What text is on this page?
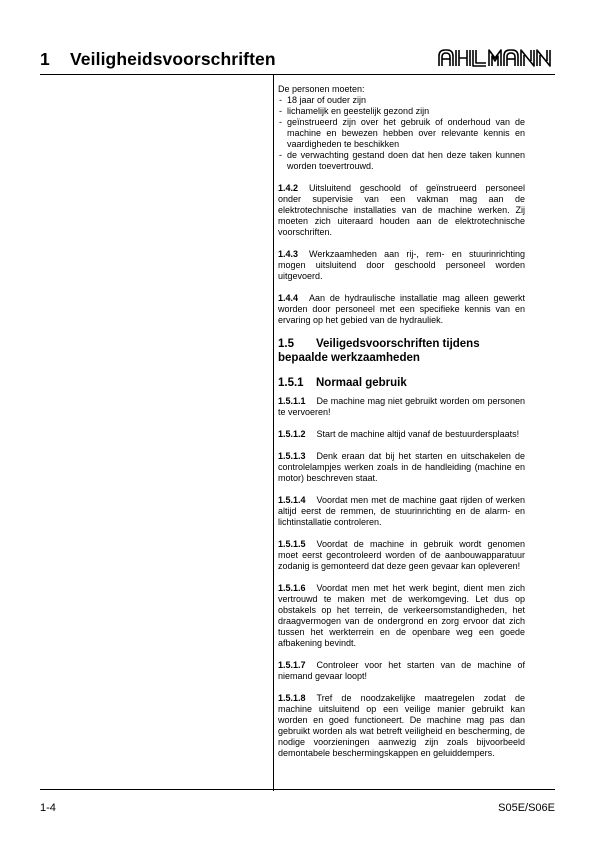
1 Veiligheidsvoorschriften

De personen moeten:

- 18 jaar of ouder zijn
- lichamelijk en geestelijk gezond zijn
- geïnstrueerd zijn over het gebruik of onderhoud van de machine en bewezen hebben over relevante kennis en vaardigheden te beschikken
- de verwachting gestand doen dat hen deze taken kunnen worden toevertrouwd.

1.4.2 Uitsluitend geschoold of geïnstrueerd personeel onder supervisie van een vakman mag aan de elektrotechnische installaties van de machine werken. Zij moeten zich uiteraard houden aan de elektrotechnische voorschriften.

1.4.3 Werkzaamheden aan rij-, rem- en stuurinrichting mogen uitsluitend door geschoold personeel worden uitgevoerd.

1.4.4 Aan de hydraulische installatie mag alleen gewerkt worden door personeel met een specifieke kennis van en ervaring op het gebied van de hydrauliek.

1.5 Veiligedsvoorschriften tijdens bepaalde werkzaamheden
1.5.1 Normaal gebruik

1.5.1.1 De machine mag niet gebruikt worden om personen te vervoeren!

1.5.1.2 Start de machine altijd vanaf de bestuurdersplaats!

1.5.1.3 Denk eraan dat bij het starten en uitschakelen de controlelampjes werken zoals in de handleiding (machine en motor) beschreven staat.

1.5.1.4 Voordat men met de machine gaat rijden of werken altijd eerst de remmen, de stuurinrichting en de alarm- en lichtinstallatie controleren.

1.5.1.5 Voordat de machine in gebruik wordt genomen moet eerst gecontroleerd worden of de aanbouwapparatuur zodanig is gemonteerd dat deze geen gevaar kan opleveren!

1.5.1.6 Voordat men met het werk begint, dient men zich vertrouwd te maken met de werkomgeving. Let dus op obstakels op het terrein, de verkeersomstandigheden, het draagvermogen van de ondergrond en zorg ervoor dat zich tussen het werkterrein en de openbare weg een goede afbakening bevindt.

1.5.1.7 Controleer voor het starten van de machine of niemand gevaar loopt!

1.5.1.8 Tref de noodzakelijke maatregelen zodat de machine uitsluitend op een veilige manier gebruikt kan worden en goed functioneert. De machine mag pas dan gebruikt worden als wat betreft veiligheid en bescherming, de nodige voorzieningen aanwezig zijn zoals bijvoorbeeld demontabele beschermingskappen en geluiddempers.

1-4	S05E/S06E
